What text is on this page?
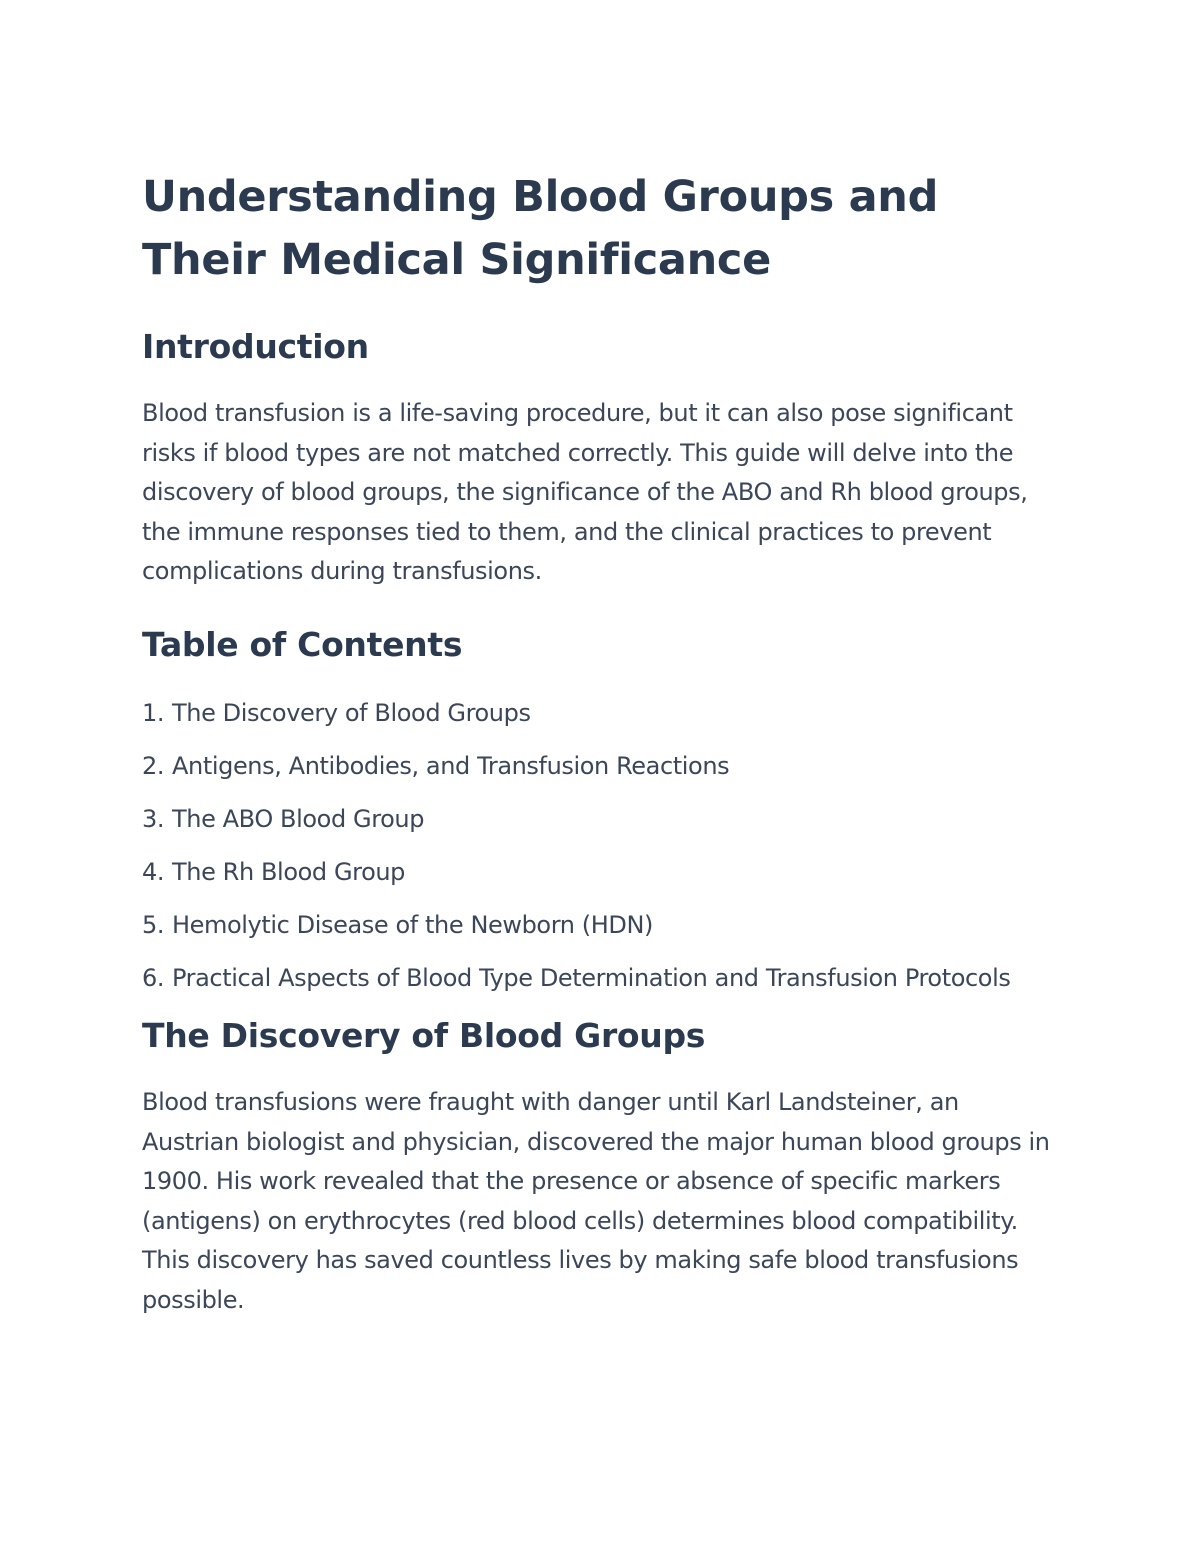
Understanding Blood Groups and Their Medical Significance
Introduction

Blood transfusion is a life-saving procedure, but it can also pose significant risks if blood types are not matched correctly. This guide will delve into the discovery of blood groups, the significance of the ABO and Rh blood groups, the immune responses tied to them, and the clinical practices to prevent complications during transfusions.

Table of Contents
1. The Discovery of Blood Groups
2. Antigens, Antibodies, and Transfusion Reactions
3. The ABO Blood Group
4. The Rh Blood Group
5. Hemolytic Disease of the Newborn (HDN)
6. Practical Aspects of Blood Type Determination and Transfusion Protocols
The Discovery of Blood Groups

Blood transfusions were fraught with danger until Karl Landsteiner, an Austrian biologist and physician, discovered the major human blood groups in 1900. His work revealed that the presence or absence of specific markers (antigens) on erythrocytes (red blood cells) determines blood compatibility. This discovery has saved countless lives by making safe blood transfusions possible.
